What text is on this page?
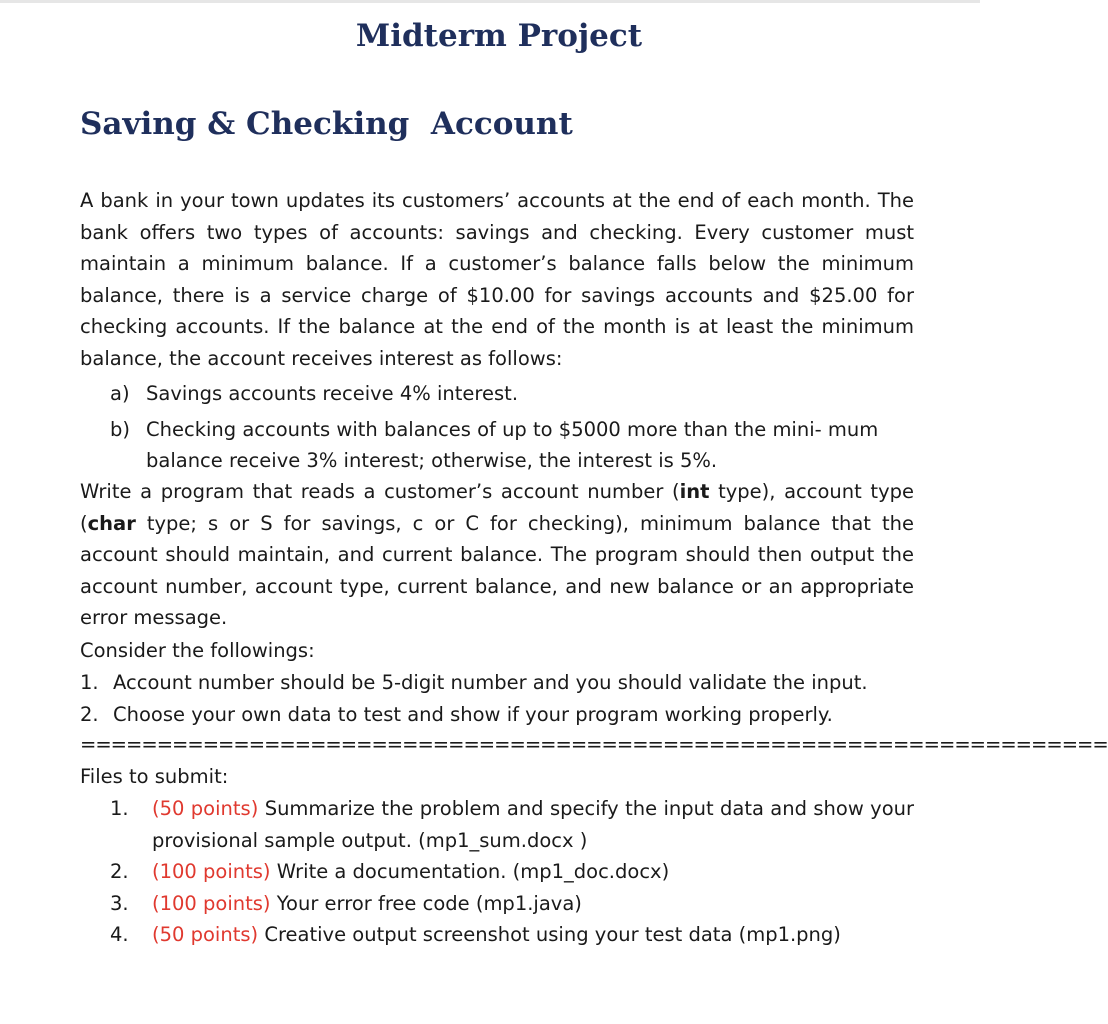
Midterm Project
Saving & Checking  Account

A bank in your town updates its customers’ accounts at the end of each month. The bank offers two types of accounts: savings and checking. Every customer must maintain a minimum balance. If a customer’s balance falls below the minimum balance, there is a service charge of $10.00 for savings accounts and $25.00 for checking accounts. If the balance at the end of the month is at least the minimum balance, the account receives interest as follows:

a) Savings accounts receive 4% interest.
b) Checking accounts with balances of up to $5000 more than the mini- mum balance receive 3% interest; otherwise, the interest is 5%.

Write a program that reads a customer’s account number (int type), account type (char type; s or S for savings, c or C for checking), minimum balance that the account should maintain, and current balance. The program should then output the account number, account type, current balance, and new balance or an appropriate error message.

Consider the followings:

1. Account number should be 5-digit number and you should validate the input.
2. Choose your own data to test and show if your program working properly.

===================================================================

Files to submit:

1. (50 points) Summarize the problem and specify the input data and show your provisional sample output. (mp1_sum.docx )
2. (100 points) Write a documentation. (mp1_doc.docx)
3. (100 points) Your error free code (mp1.java)
4. (50 points) Creative output screenshot using your test data (mp1.png)
